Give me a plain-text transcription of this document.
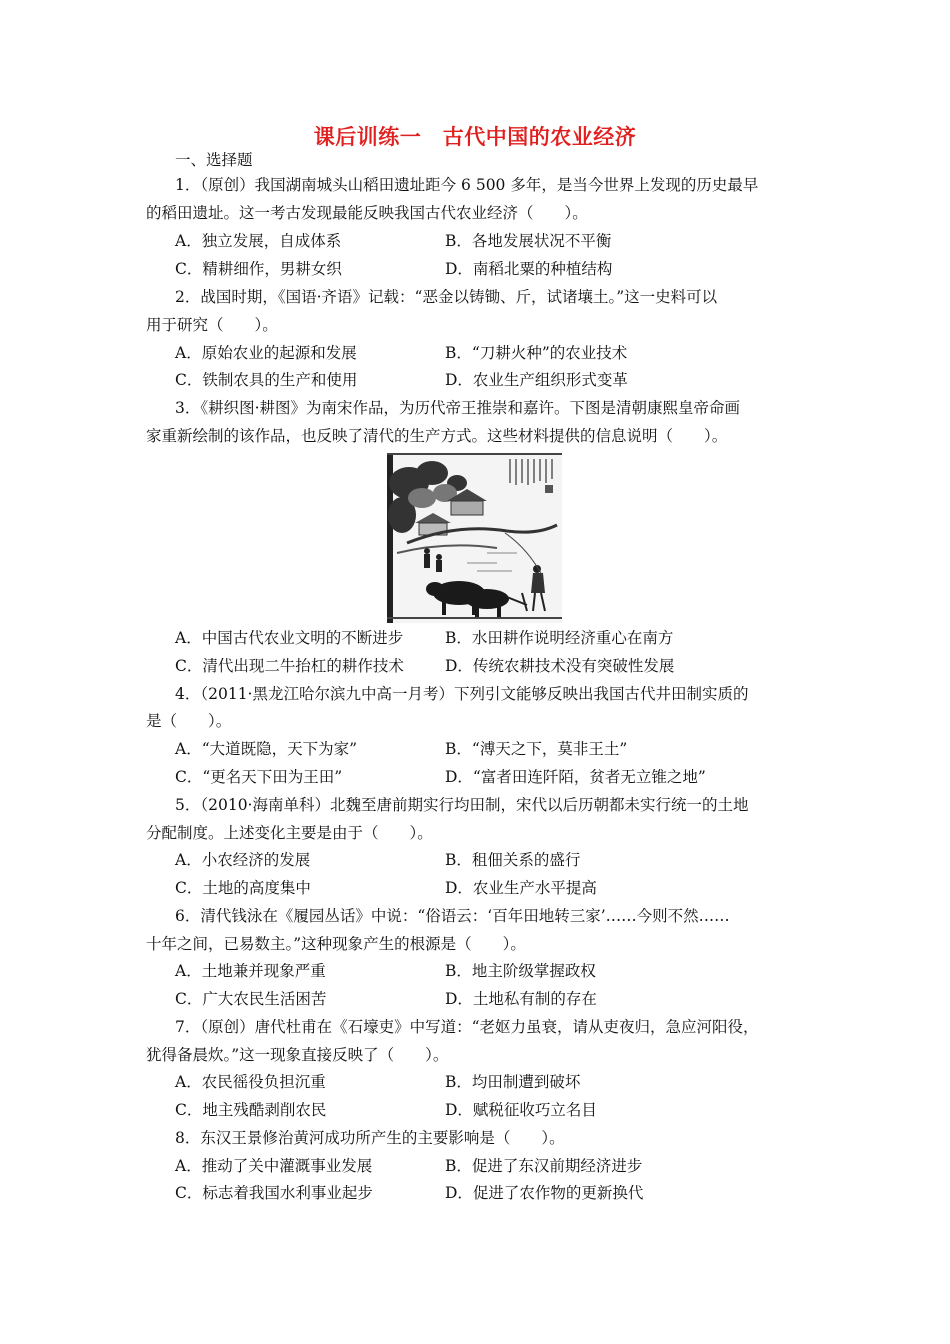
课后训练一　古代中国的农业经济
一、选择题
1．（原创）我国湖南城头山稻田遗址距今 6 500 多年，是当今世界上发现的历史最早
的稻田遗址。这一考古发现最能反映我国古代农业经济（　　）。
A．独立发展，自成体系	B．各地发展状况不平衡
C．精耕细作，男耕女织	D．南稻北粟的种植结构
2．战国时期，《国语·齐语》记载：“恶金以铸锄、斤，试诸壤土。”这一史料可以
用于研究（　　）。
A．原始农业的起源和发展	B．“刀耕火种”的农业技术
C．铁制农具的生产和使用	D．农业生产组织形式变革
3．《耕织图·耕图》为南宋作品，为历代帝王推崇和嘉许。下图是清朝康熙皇帝命画
家重新绘制的该作品，也反映了清代的生产方式。这些材料提供的信息说明（　　）。
A．中国古代农业文明的不断进步	B．水田耕作说明经济重心在南方
C．清代出现二牛抬杠的耕作技术	D．传统农耕技术没有突破性发展
4．（2011·黑龙江哈尔滨九中高一月考）下列引文能够反映出我国古代井田制实质的
是（　　）。
A．“大道既隐，天下为家”	B．“溥天之下，莫非王土”
C．“更名天下田为王田”	D．“富者田连阡陌，贫者无立锥之地”
5．（2010·海南单科）北魏至唐前期实行均田制，宋代以后历朝都未实行统一的土地
分配制度。上述变化主要是由于（　　）。
A．小农经济的发展	B．租佃关系的盛行
C．土地的高度集中	D．农业生产水平提高
6．清代钱泳在《履园丛话》中说：“俗语云：‘百年田地转三家’……今则不然……
十年之间，已易数主。”这种现象产生的根源是（　　）。
A．土地兼并现象严重	B．地主阶级掌握政权
C．广大农民生活困苦	D．土地私有制的存在
7．（原创）唐代杜甫在《石壕吏》中写道：“老妪力虽衰，请从吏夜归，急应河阳役，
犹得备晨炊。”这一现象直接反映了（　　）。
A．农民徭役负担沉重	B．均田制遭到破坏
C．地主残酷剥削农民	D．赋税征收巧立名目
8．东汉王景修治黄河成功所产生的主要影响是（　　）。
A．推动了关中灌溉事业发展	B．促进了东汉前期经济进步
C．标志着我国水利事业起步	D．促进了农作物的更新换代
